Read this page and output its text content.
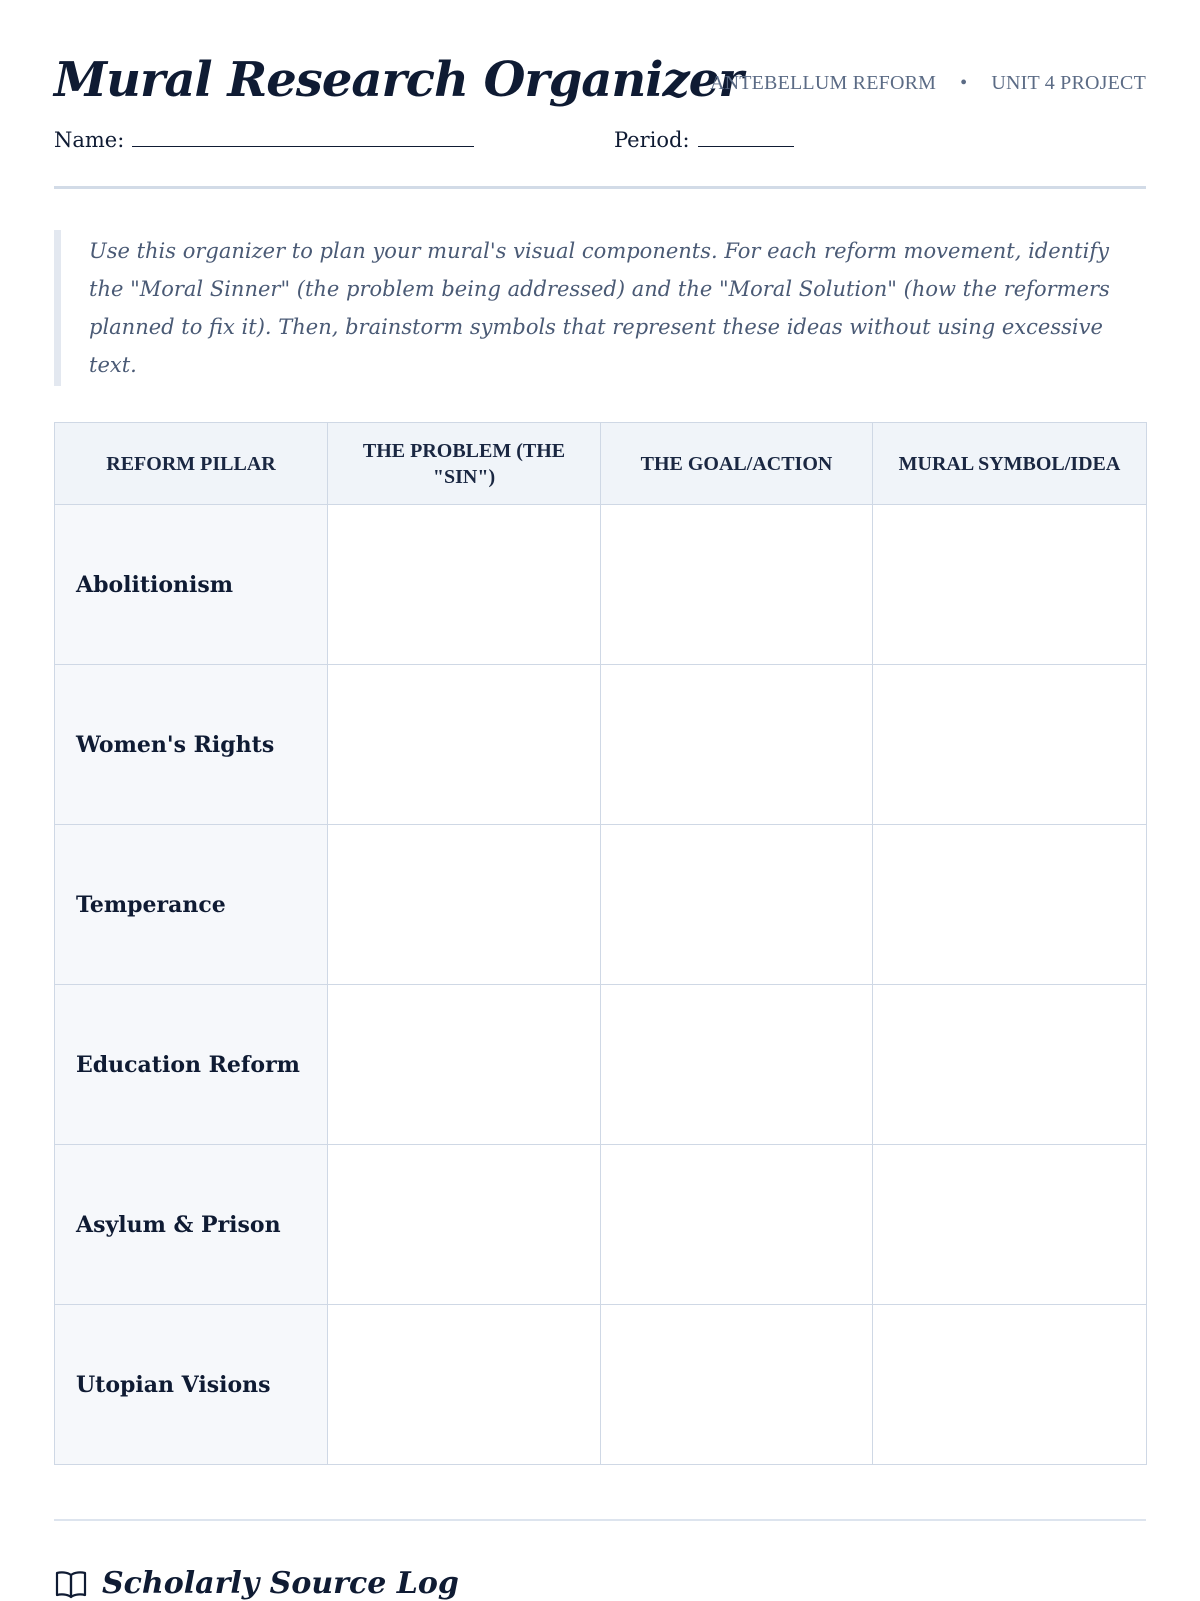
Mural Research Organizer
ANTEBELLUM REFORM • UNIT 4 PROJECT
Name:	Period:
Use this organizer to plan your mural's visual components. For each reform movement, identify the "Moral Sinner" (the problem being addressed) and the "Moral Solution" (how the reformers planned to fix it). Then, brainstorm symbols that represent these ideas without using excessive text.
REFORM PILLAR	THE PROBLEM (THE "SIN")	THE GOAL/ACTION	MURAL SYMBOL/IDEA
Abolitionism			
Women's Rights			
Temperance			
Education Reform			
Asylum & Prison			
Utopian Visions			
Scholarly Source Log
